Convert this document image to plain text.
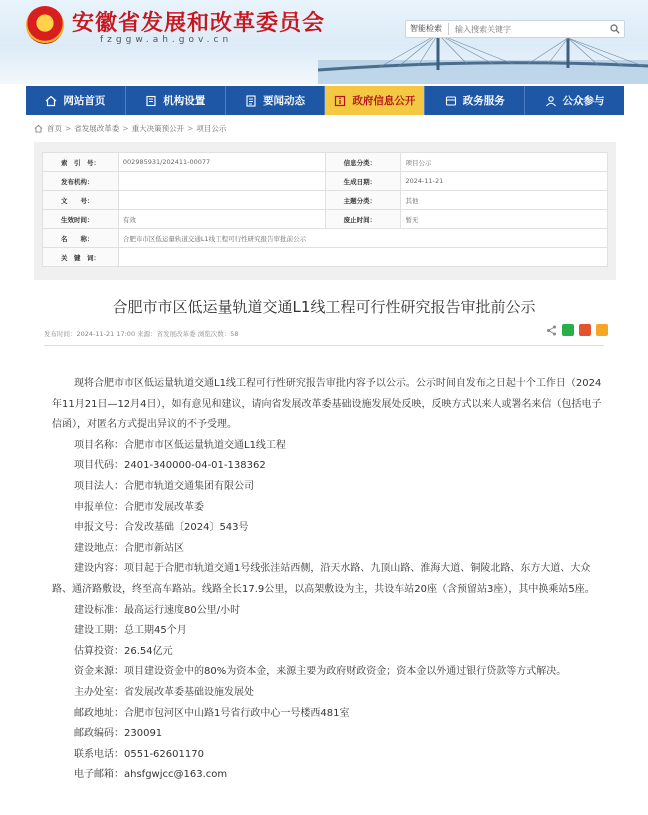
安徽省发展和改革委员会
fzggw.ah.gov.cn
智能检索
输入搜索关键字
网站首页	机构设置	要闻动态	政府信息公开	政务服务	公众参与
首页 > 省发展改革委 > 重大决策预公开 > 项目公示
索　引　号：	002985931/202411-00077	信息分类：	项目公示
发布机构：		生成日期：	2024-11-21
文　　号：		主题分类：	其他
生效时间：	有效	废止时间：	暂无
名　　称：	合肥市市区低运量轨道交通L1线工程可行性研究报告审批前公示		
关　键　词：			
合肥市市区低运量轨道交通L1线工程可行性研究报告审批前公示
发布时间：2024-11-21 17:00 来源：省发展改革委 浏览次数：58

现将合肥市市区低运量轨道交通L1线工程可行性研究报告审批内容予以公示。公示时间自发布之日起十个工作日（2024年11月21日—12月4日），如有意见和建议，请向省发展改革委基础设施发展处反映，反映方式以来人或署名来信（包括电子信函），对匿名方式提出异议的不予受理。

项目名称：合肥市市区低运量轨道交通L1线工程

项目代码：2401-340000-04-01-138362

项目法人：合肥市轨道交通集团有限公司

申报单位：合肥市发展改革委

申报文号：合发改基础〔2024〕543号

建设地点：合肥市新站区

建设内容：项目起于合肥市轨道交通1号线张洼站西侧，沿天水路、九顶山路、淮海大道、铜陵北路、东方大道、大众路、通济路敷设，终至高车路站。线路全长17.9公里，以高架敷设为主，共设车站20座（含预留站3座），其中换乘站5座。

建设标准：最高运行速度80公里/小时

建设工期：总工期45个月

估算投资：26.54亿元

资金来源：项目建设资金中的80%为资本金，来源主要为政府财政资金；资本金以外通过银行贷款等方式解决。

主办处室：省发展改革委基础设施发展处

邮政地址：合肥市包河区中山路1号省行政中心一号楼西481室

邮政编码：230091

联系电话：0551-62601170

电子邮箱：ahsfgwjcc@163.com
